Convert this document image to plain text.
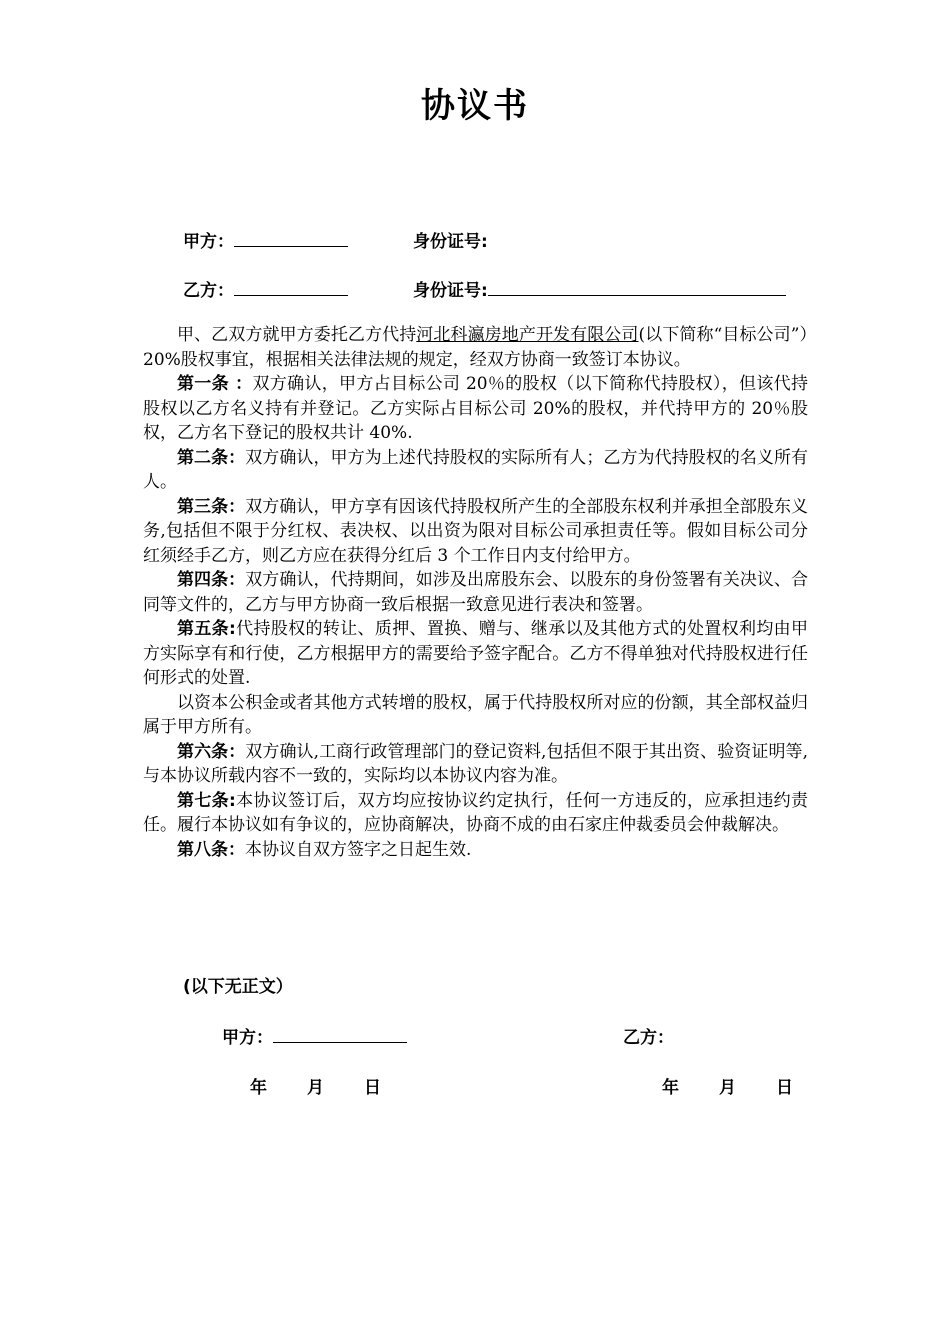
协议书
甲方：	身份证号:
乙方：	身份证号:

甲、乙双方就甲方委托乙方代持河北科瀛房地产开发有限公司(以下简称“目标公司”）20%股权事宜，根据相关法律法规的规定，经双方协商一致签订本协议。

第一条 ：双方确认，甲方占目标公司 20％的股权（以下简称代持股权），但该代持股权以乙方名义持有并登记。乙方实际占目标公司 20%的股权，并代持甲方的 20％股权，乙方名下登记的股权共计 40%.

第二条：双方确认，甲方为上述代持股权的实际所有人；乙方为代持股权的名义所有人。

第三条：双方确认，甲方享有因该代持股权所产生的全部股东权利并承担全部股东义务,包括但不限于分红权、表决权、以出资为限对目标公司承担责任等。假如目标公司分红须经手乙方，则乙方应在获得分红后 3 个工作日内支付给甲方。

第四条：双方确认，代持期间，如涉及出席股东会、以股东的身份签署有关决议、合同等文件的，乙方与甲方协商一致后根据一致意见进行表决和签署。

第五条:代持股权的转让、质押、置换、赠与、继承以及其他方式的处置权利均由甲方实际享有和行使，乙方根据甲方的需要给予签字配合。乙方不得单独对代持股权进行任何形式的处置.

以资本公积金或者其他方式转增的股权，属于代持股权所对应的份额，其全部权益归属于甲方所有。

第六条：双方确认,工商行政管理部门的登记资料,包括但不限于其出资、验资证明等,与本协议所载内容不一致的，实际均以本协议内容为准。

第七条:本协议签订后，双方均应按协议约定执行，任何一方违反的，应承担违约责任。履行本协议如有争议的，应协商解决，协商不成的由石家庄仲裁委员会仲裁解决。

第八条：本协议自双方签字之日起生效.

(以下无正文）
甲方：	乙方：
年 月 日	年 月 日
